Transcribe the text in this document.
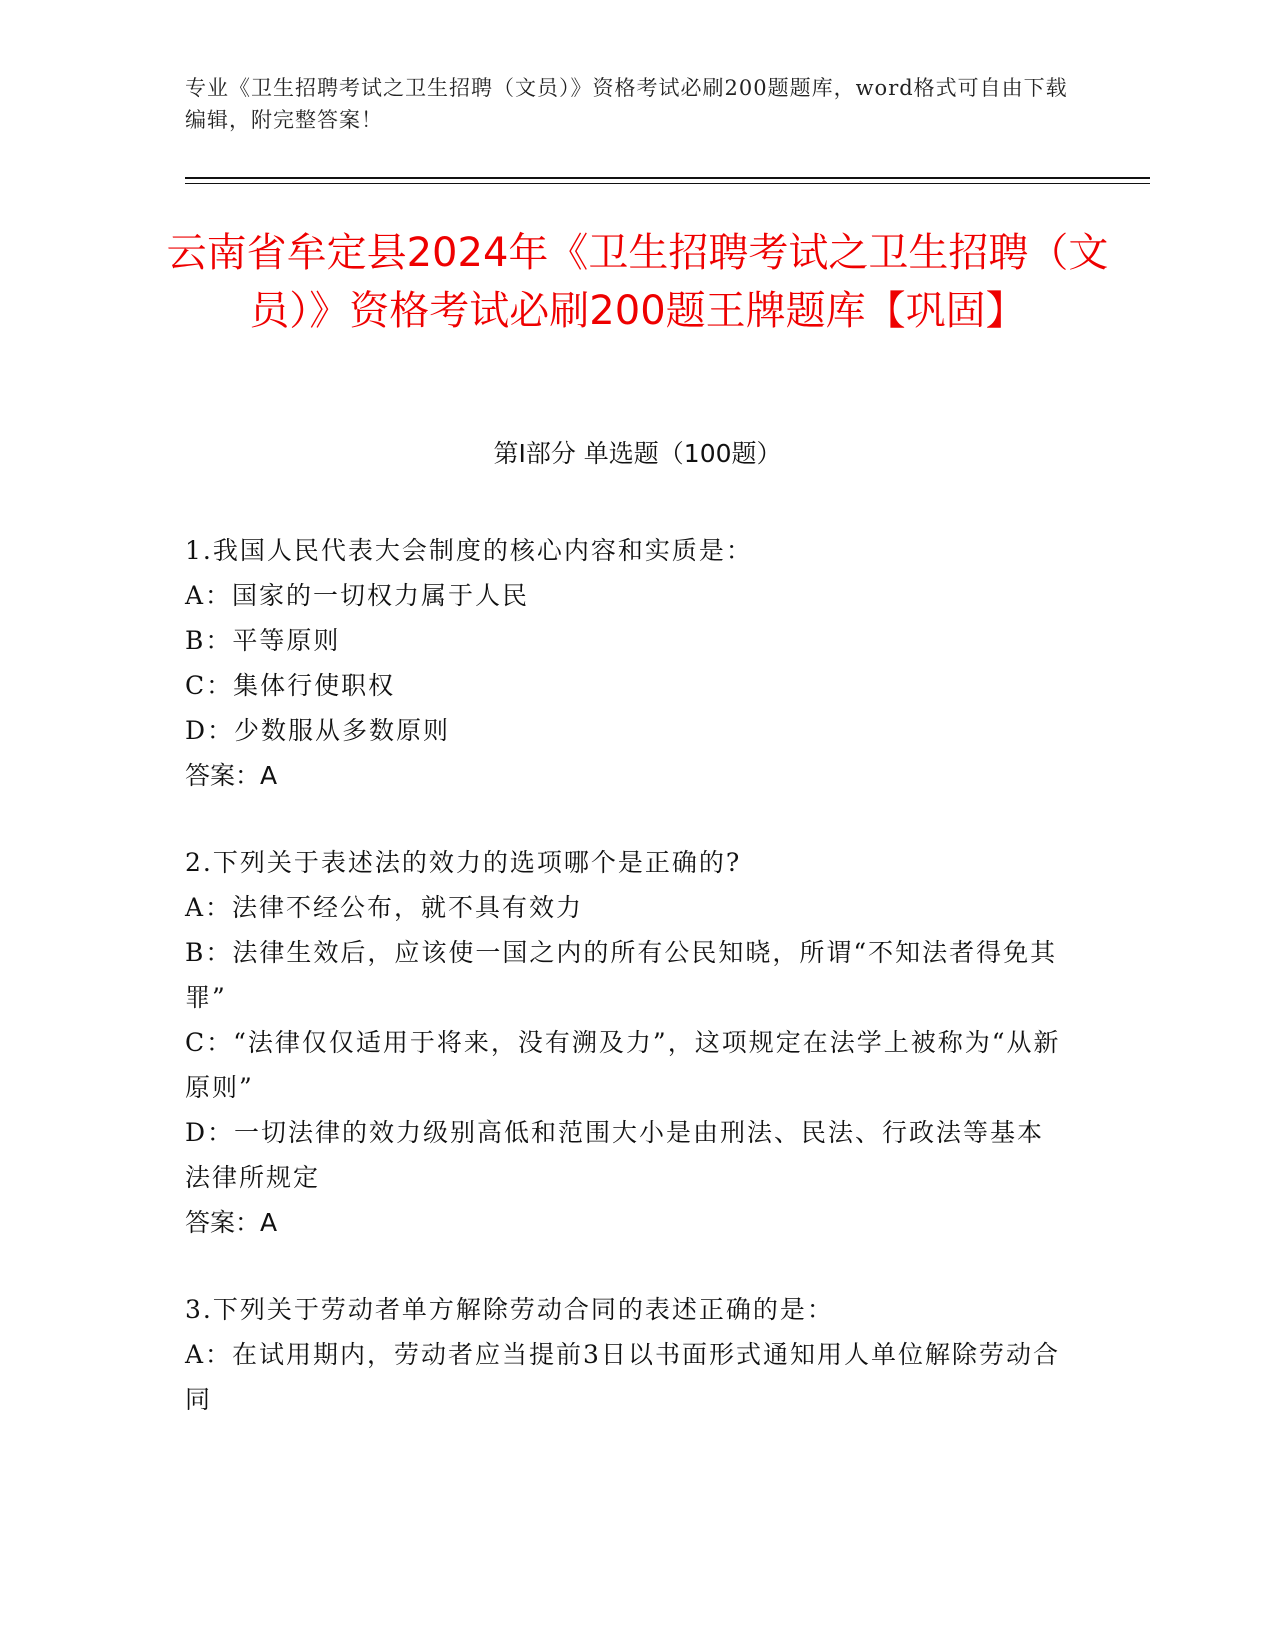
专业《卫生招聘考试之卫生招聘（文员）》资格考试必刷200题题库，word格式可自由下载编辑，附完整答案！
云南省牟定县2024年《卫生招聘考试之卫生招聘（文员）》资格考试必刷200题王牌题库【巩固】
第I部分 单选题（100题）
1.我国人民代表大会制度的核心内容和实质是：
A：国家的一切权力属于人民
B：平等原则
C：集体行使职权
D：少数服从多数原则
答案：A
2.下列关于表述法的效力的选项哪个是正确的?
A：法律不经公布，就不具有效力
B：法律生效后，应该使一国之内的所有公民知晓，所谓“不知法者得免其罪”
C：“法律仅仅适用于将来，没有溯及力”，这项规定在法学上被称为“从新原则”
D：一切法律的效力级别高低和范围大小是由刑法、民法、行政法等基本法律所规定
答案：A
3.下列关于劳动者单方解除劳动合同的表述正确的是：
A：在试用期内，劳动者应当提前3日以书面形式通知用人单位解除劳动合同
